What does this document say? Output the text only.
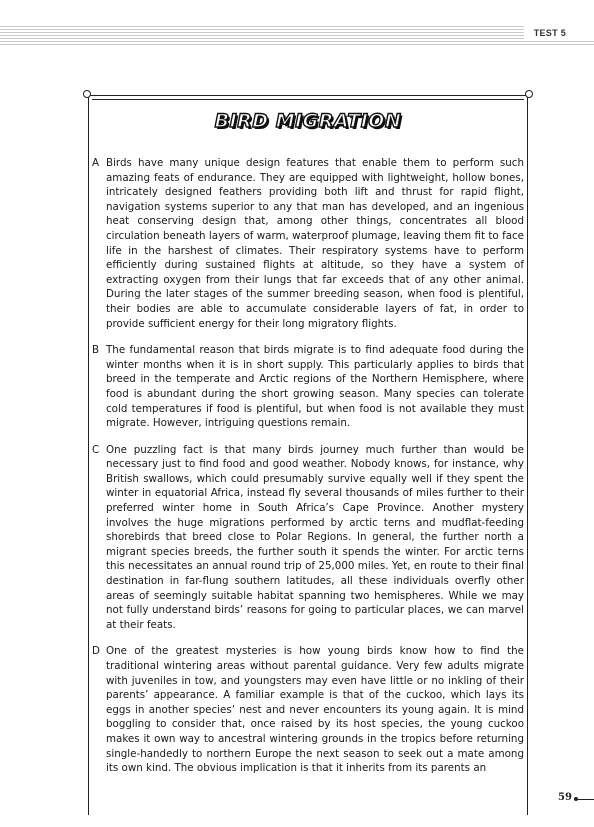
TEST 5
BIRD MIGRATION

A Birds have many unique design features that enable them to perform such amazing feats of endurance. They are equipped with lightweight, hollow bones, intricately designed feathers providing both lift and thrust for rapid flight, navigation systems superior to any that man has developed, and an ingenious heat conserving design that, among other things, concentrates all blood circulation beneath layers of warm, waterproof plumage, leaving them fit to face life in the harshest of climates. Their respiratory systems have to perform efficiently during sustained flights at altitude, so they have a system of extracting oxygen from their lungs that far exceeds that of any other animal. During the later stages of the summer breeding season, when food is plentiful, their bodies are able to accumulate considerable layers of fat, in order to provide sufficient energy for their long migratory flights.

B The fundamental reason that birds migrate is to find adequate food during the winter months when it is in short supply. This particularly applies to birds that breed in the temperate and Arctic regions of the Northern Hemisphere, where food is abundant during the short growing season. Many species can tolerate cold temperatures if food is plentiful, but when food is not available they must migrate. However, intriguing questions remain.

C One puzzling fact is that many birds journey much further than would be necessary just to find food and good weather. Nobody knows, for instance, why British swallows, which could presumably survive equally well if they spent the winter in equatorial Africa, instead fly several thousands of miles further to their preferred winter home in South Africa’s Cape Province. Another mystery involves the huge migrations performed by arctic terns and mudflat-feeding shorebirds that breed close to Polar Regions. In general, the further north a migrant species breeds, the further south it spends the winter. For arctic terns this necessitates an annual round trip of 25,000 miles. Yet, en route to their final destination in far-flung southern latitudes, all these individuals overfly other areas of seemingly suitable habitat spanning two hemispheres. While we may not fully understand birds’ reasons for going to particular places, we can marvel at their feats.

D One of the greatest mysteries is how young birds know how to find the traditional wintering areas without parental guidance. Very few adults migrate with juveniles in tow, and youngsters may even have little or no inkling of their parents’ appearance. A familiar example is that of the cuckoo, which lays its eggs in another species’ nest and never encounters its young again. It is mind boggling to consider that, once raised by its host species, the young cuckoo makes it own way to ancestral wintering grounds in the tropics before returning single-handedly to northern Europe the next season to seek out a mate among its own kind. The obvious implication is that it inherits from its parents an

59
